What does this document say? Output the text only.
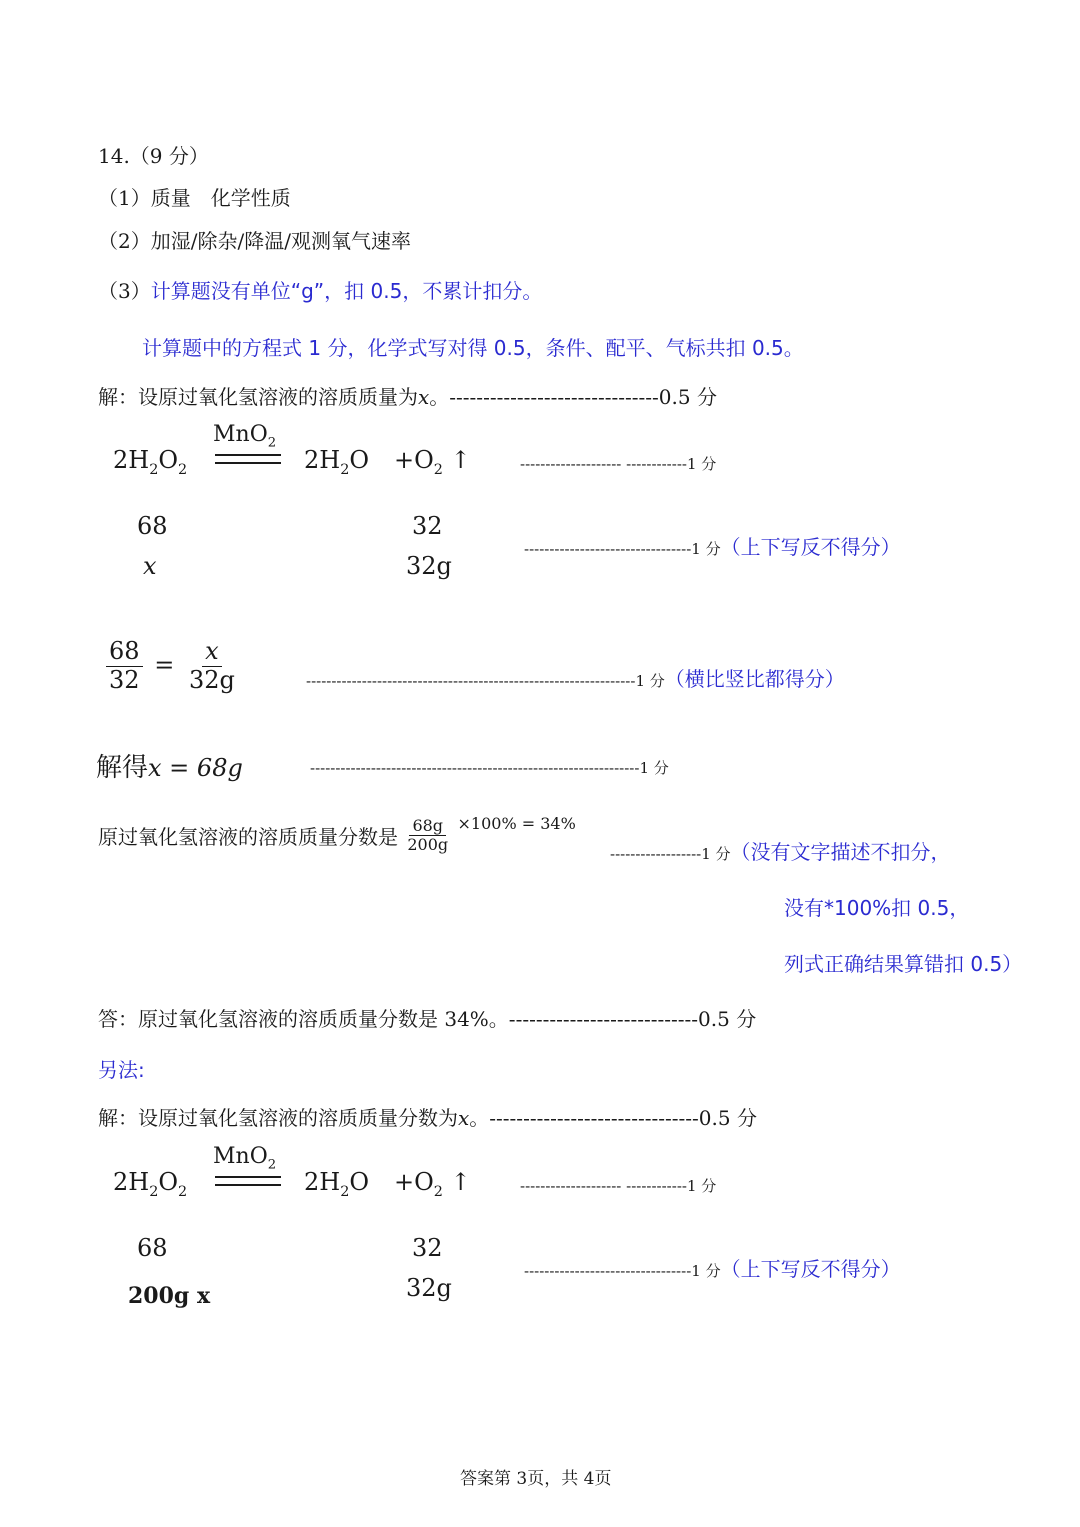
14.（9 分）
（1）质量　化学性质
（2）加湿/除杂/降温/观测氧气速率
（3）计算题没有单位“g”，扣 0.5，不累计扣分。
计算题中的方程式 1 分，化学式写对得 0.5，条件、配平、气标共扣 0.5。
解：设原过氧化氢溶液的溶质质量为x。-------------------------------0.5 分
$2H_2O_2$
MnO$_2$
$2H_2O +O_2$ ↑	-------------------- ------------1 分
68	32
x	32g
---------------------------------1 分（上下写反不得分）
$\frac{68}{32} = \frac{x}{32g}$	-----------------------------------------------------------------1 分（横比竖比都得分）
解得x = 68g	-----------------------------------------------------------------1 分
原过氧化氢溶液的溶质质量分数是 $\frac{68g}{200g} ^{\times 100\% = 34\%}$
------------------1 分（没有文字描述不扣分，
没有*100%扣 0.5，
列式正确结果算错扣 0.5）
答：原过氧化氢溶液的溶质质量分数是 34%。----------------------------0.5 分
另法:
解：设原过氧化氢溶液的溶质质量分数为x。-------------------------------0.5 分
$2H_2O_2$
MnO$_2$
$2H_2O +O_2$ ↑	-------------------- ------------1 分
68	32
200g x	32g
---------------------------------1 分（上下写反不得分）
答案第 3页，共 4页
